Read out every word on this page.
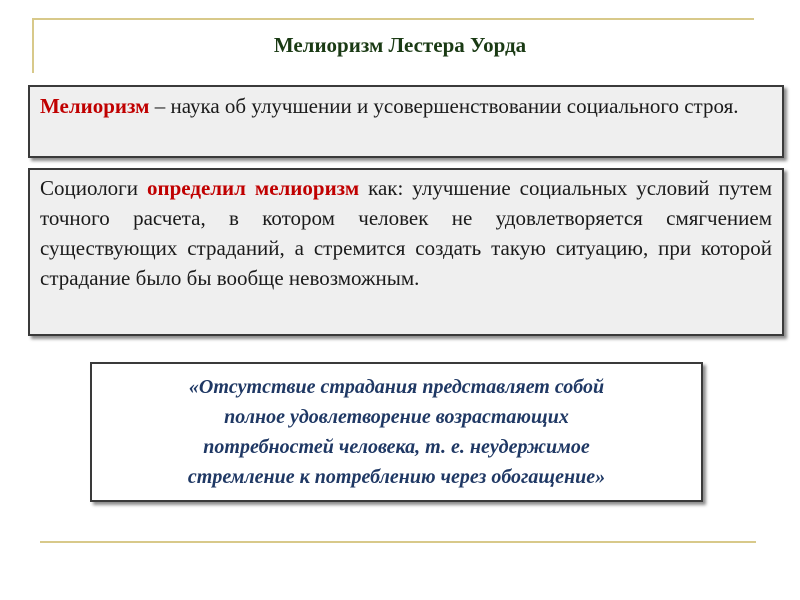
Мелиоризм Лестера Уорда

Мелиоризм – наука об улучшении и усовершенствовании социального строя.

Социологи определил мелиоризм как: улучшение социальных условий путем точного расчета, в котором человек не удовлетворяется смягчением существующих страданий, а стремится создать такую ситуацию, при которой страдание было бы вообще невозможным.

«Отсутствие страдания представляет собой
полное удовлетворение возрастающих
потребностей человека, т. е. неудержимое
стремление к потреблению через обогащение»
